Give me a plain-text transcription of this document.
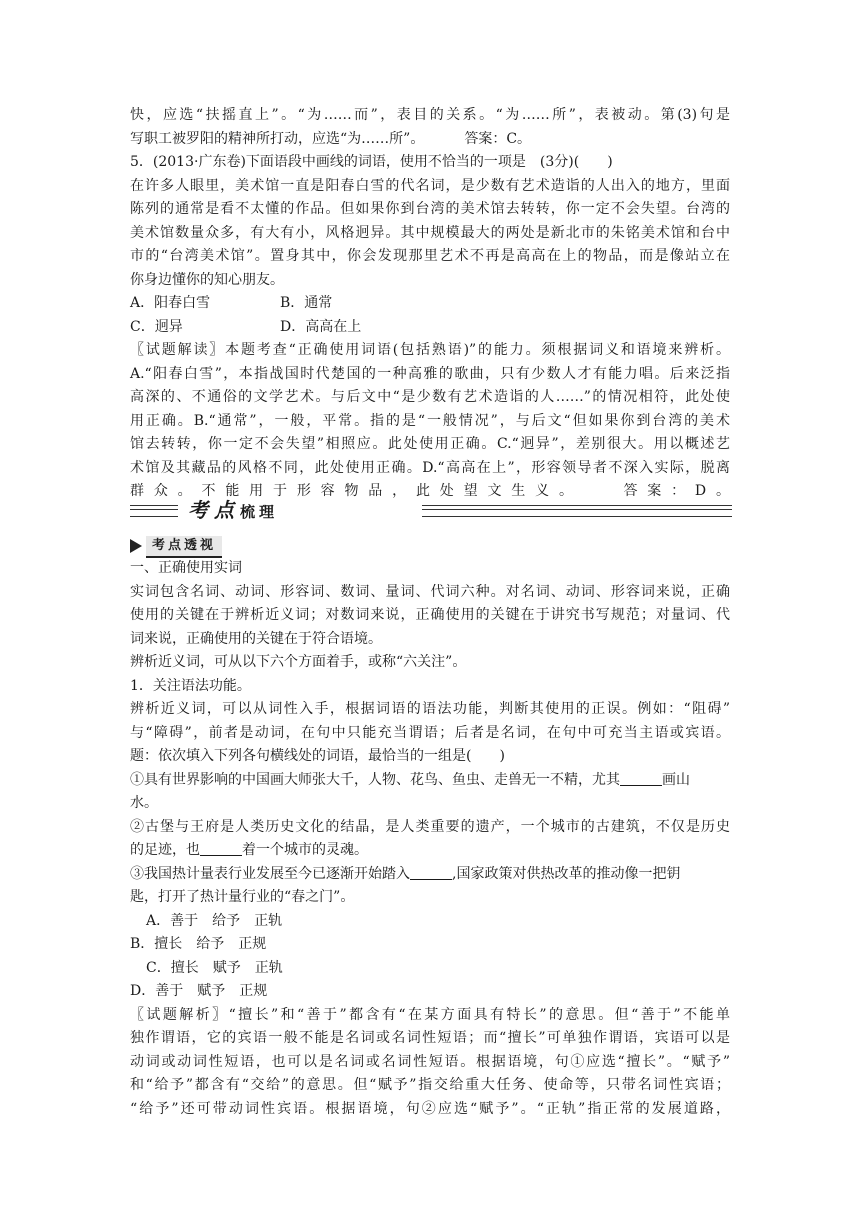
快，应选“扶摇直上”。“为……而”，表目的关系。“为……所”，表被动。第(3)句是
写职工被罗阳的精神所打动，应选“为……所”。	答案：C。
5．(2013·广东卷)下面语段中画线的词语，使用不恰当的一项是　(3分)(　　)
在许多人眼里，美术馆一直是阳春白雪的代名词，是少数有艺术造诣的人出入的地方，里面
陈列的通常是看不太懂的作品。但如果你到台湾的美术馆去转转，你一定不会失望。台湾的
美术馆数量众多，有大有小，风格迥异。其中规模最大的两处是新北市的朱铭美术馆和台中
市的“台湾美术馆”。置身其中，你会发现那里艺术不再是高高在上的物品，而是像站立在
你身边懂你的知心朋友。
A．阳春白雪	B．通常
C．迥异	D．高高在上
〖试题解读〗本题考查“正确使用词语(包括熟语)”的能力。须根据词义和语境来辨析。
A.“阳春白雪”，本指战国时代楚国的一种高雅的歌曲，只有少数人才有能力唱。后来泛指
高深的、不通俗的文学艺术。与后文中“是少数有艺术造诣的人……”的情况相符，此处使
用正确。B.“通常”，一般，平常。指的是“一般情况”，与后文“但如果你到台湾的美术
馆去转转，你一定不会失望”相照应。此处使用正确。C.“迥异”，差别很大。用以概述艺
术馆及其藏品的风格不同，此处使用正确。D.“高高在上”，形容领导者不深入实际，脱离
群众。不能用于形容物品，此处望文生义。　　答案：D。
考点梳理
考点透视
一、正确使用实词
实词包含名词、动词、形容词、数词、量词、代词六种。对名词、动词、形容词来说，正确
使用的关键在于辨析近义词；对数词来说，正确使用的关键在于讲究书写规范；对量词、代
词来说，正确使用的关键在于符合语境。
辨析近义词，可从以下六个方面着手，或称“六关注”。
1．关注语法功能。
辨析近义词，可以从词性入手，根据词语的语法功能，判断其使用的正误。例如：“阻碍”
与“障碍”，前者是动词，在句中只能充当谓语；后者是名词，在句中可充当主语或宾语。
题：依次填入下列各句横线处的词语，最恰当的一组是(　　)
①具有世界影响的中国画大师张大千，人物、花鸟、鱼虫、走兽无一不精，尤其	画山
水。
②古堡与王府是人类历史文化的结晶，是人类重要的遗产，一个城市的古建筑，不仅是历史
的足迹，也	着一个城市的灵魂。
③我国热计量表行业发展至今已逐渐开始踏入	,国家政策对供热改革的推动像一把钥
匙，打开了热计量行业的“春之门”。
A．善于　给予　正轨
B．擅长　给予　正规
C．擅长　赋予　正轨
D．善于　赋予　正规
〖试题解析〗“擅长”和“善于”都含有“在某方面具有特长”的意思。但“善于”不能单
独作谓语，它的宾语一般不能是名词或名词性短语；而“擅长”可单独作谓语，宾语可以是
动词或动词性短语，也可以是名词或名词性短语。根据语境，句①应选“擅长”。“赋予”
和“给予”都含有“交给”的意思。但“赋予”指交给重大任务、使命等，只带名词性宾语；
“给予”还可带动词性宾语。根据语境，句②应选“赋予”。“正轨”指正常的发展道路，
